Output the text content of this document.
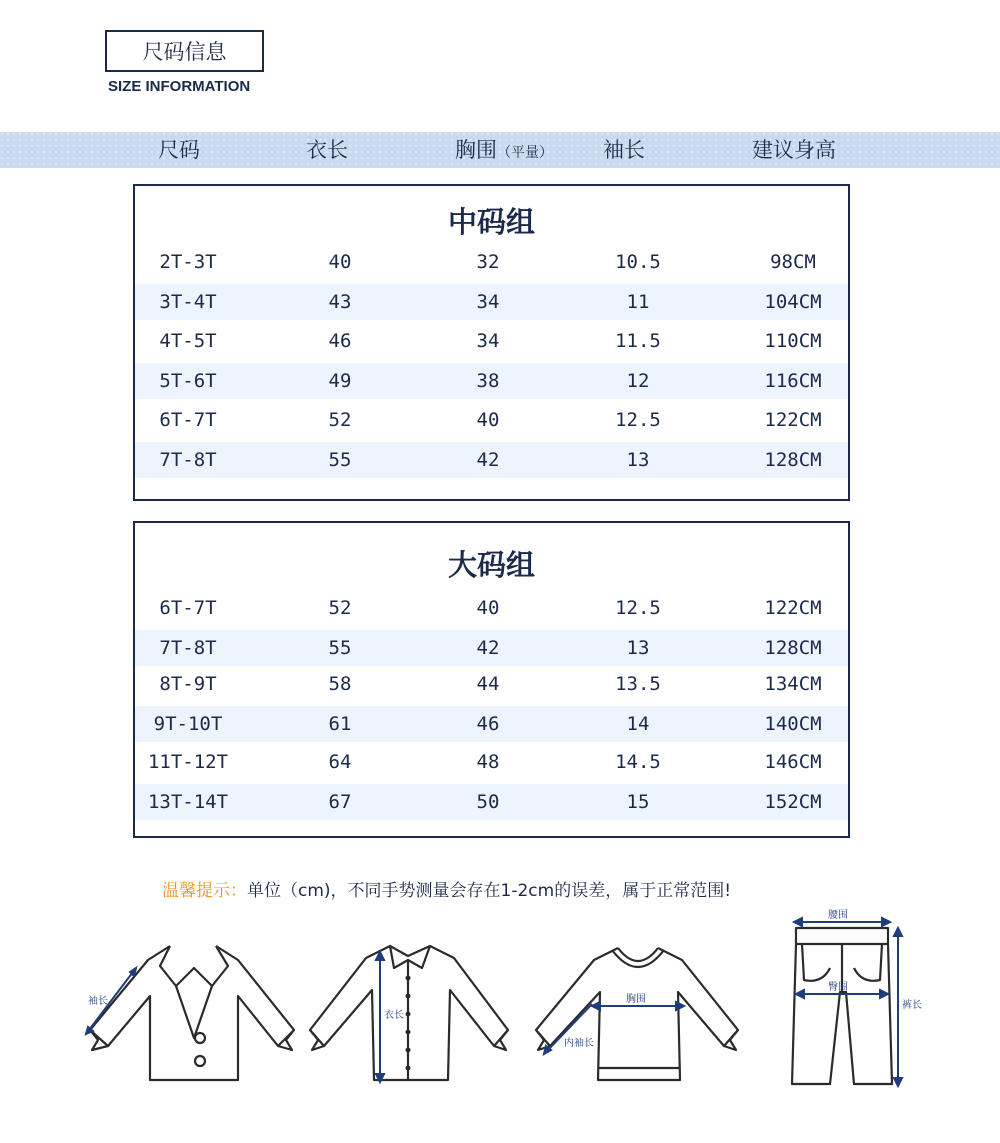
尺码信息
SIZE INFORMATION
尺码	衣长	胸围（平量） 袖长	建议身高
中码组
2T-3T	40	32	10.5	98CM
3T-4T	43	34	11	104CM
4T-5T	46	34	11.5	110CM
5T-6T	49	38	12	116CM
6T-7T	52	40	12.5	122CM
7T-8T	55	42	13	128CM
大码组
6T-7T	52	40	12.5	122CM
7T-8T	55	42	13	128CM
8T-9T	58	44	13.5	134CM
9T-10T	61	46	14	140CM
11T-12T	64	48	14.5	146CM
13T-14T	67	50	15	152CM
温馨提示：单位（cm)，不同手势测量会存在1-2cm的误差，属于正常范围!
袖长
衣长
胸围
内袖长
腰围
臀围
裤长
